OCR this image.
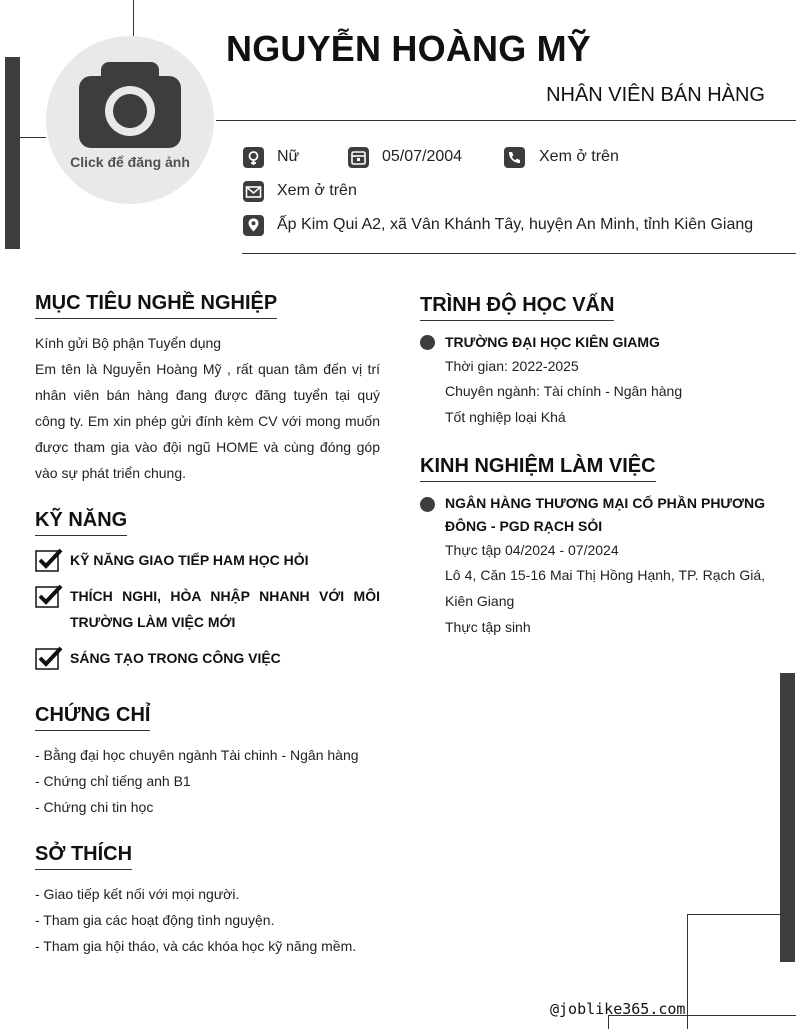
Click để đăng ảnh
NGUYỄN HOÀNG MỸ
NHÂN VIÊN BÁN HÀNG
Nữ	05/07/2004	Xem ở trên
Xem ở trên
Ấp Kim Qui A2, xã Vân Khánh Tây, huyện An Minh, tỉnh Kiên Giang
MỤC TIÊU NGHỀ NGHIỆP
Kính gửi Bộ phận Tuyển dụng
Em tên là Nguyễn Hoàng Mỹ , rất quan tâm đến vị trí nhân viên bán hàng đang được đăng tuyển tại quý công ty. Em xin phép gửi đính kèm CV với mong muốn được tham gia vào đội ngũ HOME và cùng đóng góp vào sự phát triển chung.
KỸ NĂNG
KỸ NĂNG GIAO TIẾP HAM HỌC HỎI
THÍCH NGHI, HÒA NHẬP NHANH VỚI MÔI TRƯỜNG LÀM VIỆC MỚI
SÁNG TẠO TRONG CÔNG VIỆC
CHỨNG CHỈ
- Bằng đại học chuyên ngành Tài chinh - Ngân hàng
- Chứng chỉ tiếng anh B1
- Chứng chi tin học
SỞ THÍCH
- Giao tiếp kết nối với mọi người.
- Tham gia các hoạt động tình nguyện.
- Tham gia hội tháo, và các khóa học kỹ năng mềm.
TRÌNH ĐỘ HỌC VẤN
TRƯỜNG ĐẠI HỌC KIÊN GIAMG
Thời gian: 2022-2025
Chuyên ngành: Tài chính - Ngân hàng
Tốt nghiệp loại Khá
KINH NGHIỆM LÀM VIỆC
NGÂN HÀNG THƯƠNG MẠI CỐ PHẦN PHƯƠNG ĐÔNG - PGD RẠCH SỎI
Thực tập 04/2024 - 07/2024
Lô 4, Căn 15-16 Mai Thị Hồng Hạnh, TP. Rạch Giá, Kiên Giang
Thực tập sinh
@joblike365.com
